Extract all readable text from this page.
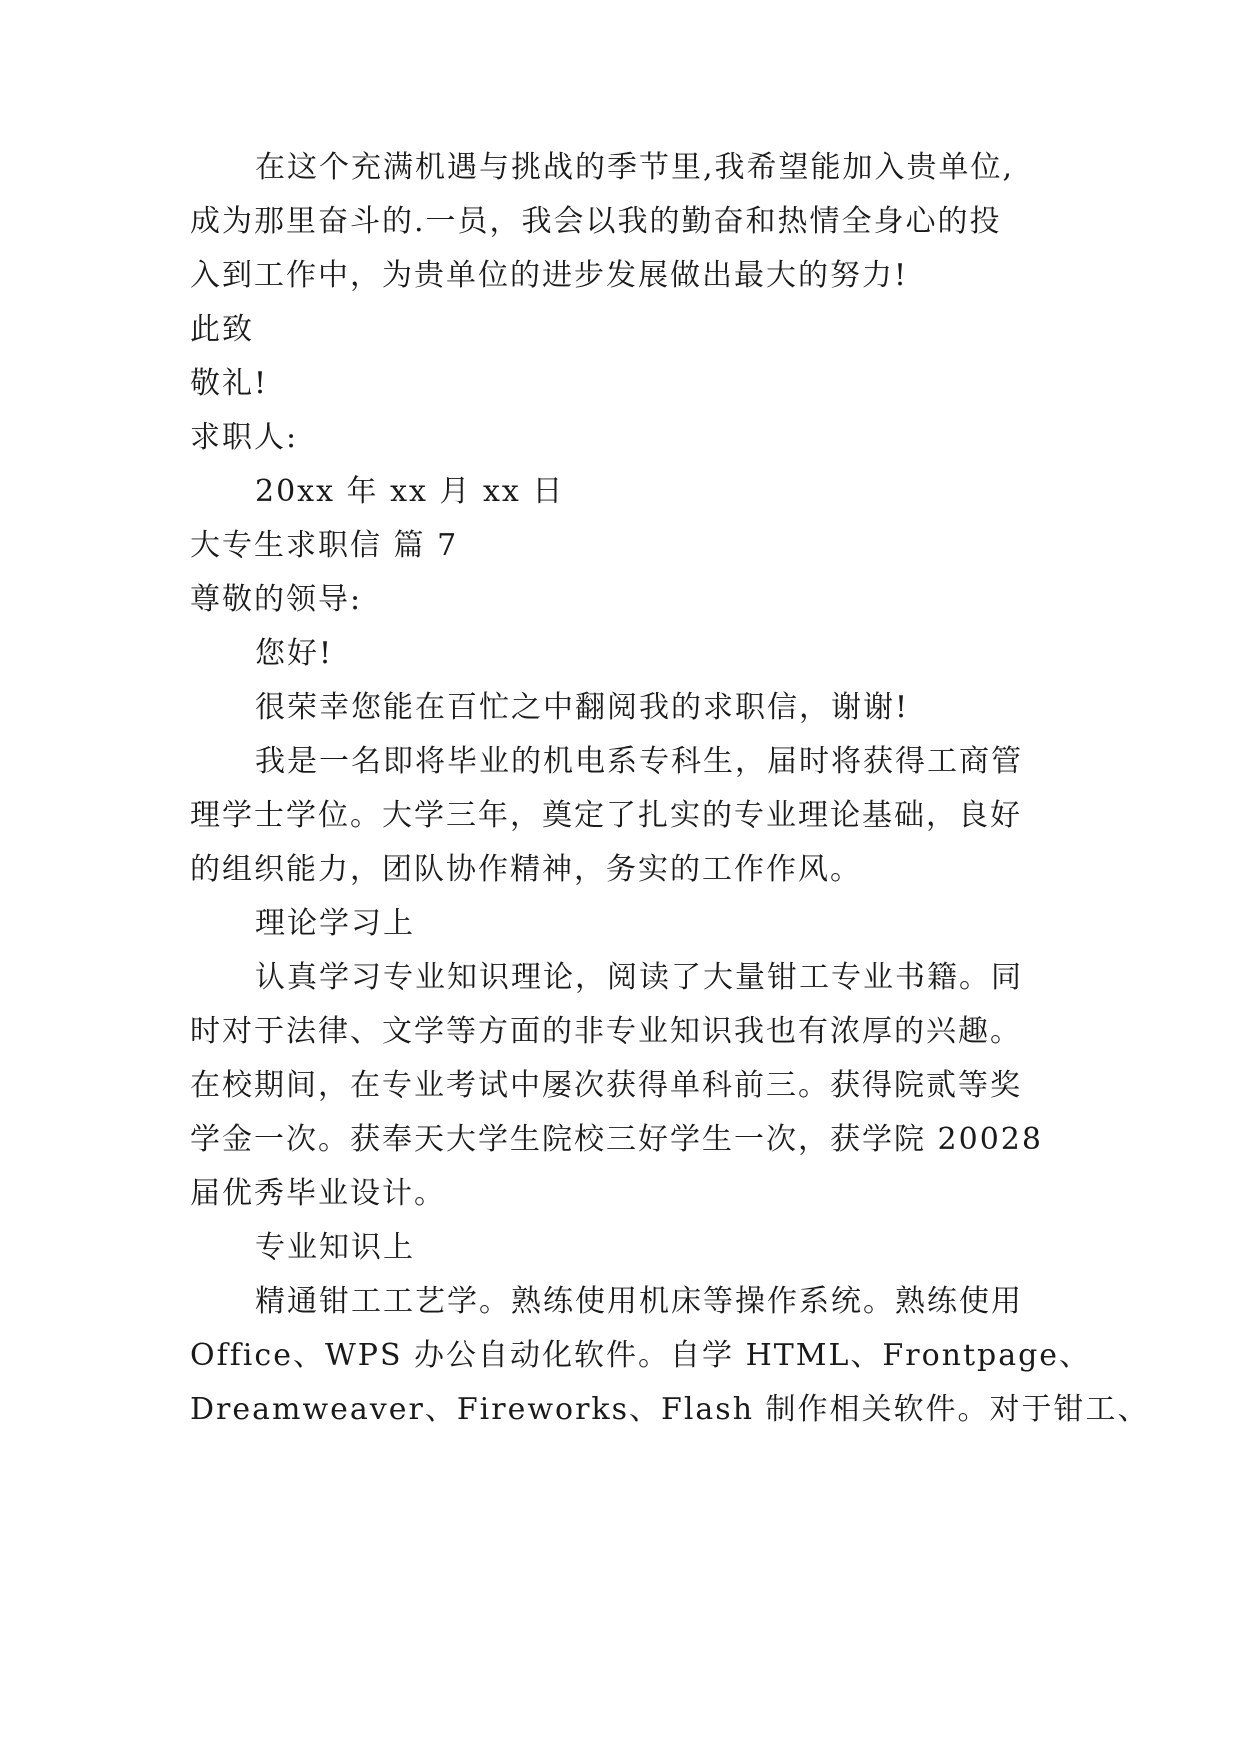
在这个充满机遇与挑战的季节里,我希望能加入贵单位,
成为那里奋斗的.一员，我会以我的勤奋和热情全身心的投
入到工作中，为贵单位的进步发展做出最大的努力!
此致
敬礼!
求职人:
20xx 年 xx 月 xx 日
大专生求职信 篇 7
尊敬的领导:
您好!
很荣幸您能在百忙之中翻阅我的求职信，谢谢!
我是一名即将毕业的机电系专科生，届时将获得工商管
理学士学位。大学三年，奠定了扎实的专业理论基础，良好
的组织能力，团队协作精神，务实的工作作风。
理论学习上
认真学习专业知识理论，阅读了大量钳工专业书籍。同
时对于法律、文学等方面的非专业知识我也有浓厚的兴趣。
在校期间，在专业考试中屡次获得单科前三。获得院贰等奖
学金一次。获奉天大学生院校三好学生一次，获学院 20028
届优秀毕业设计。
专业知识上
精通钳工工艺学。熟练使用机床等操作系统。熟练使用
Office、WPS 办公自动化软件。自学 HTML、Frontpage、
Dreamweaver、Fireworks、Flash 制作相关软件。对于钳工、
